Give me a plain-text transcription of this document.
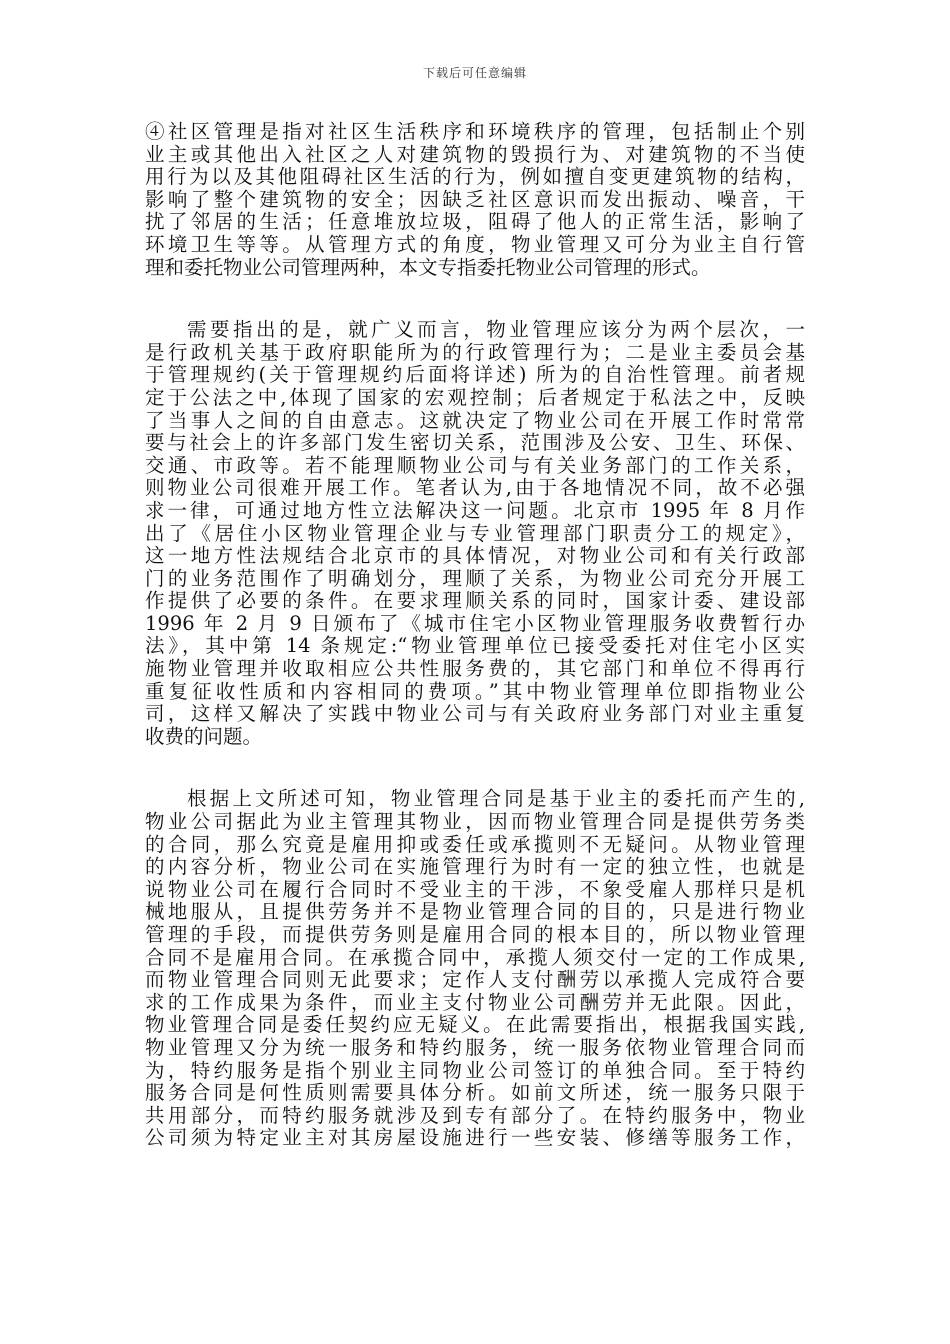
下载后可任意编辑
④社区管理是指对社区生活秩序和环境秩序的管理，包括制止个别
业主或其他出入社区之人对建筑物的毁损行为、对建筑物的不当使
用行为以及其他阻碍社区生活的行为，例如擅自变更建筑物的结构，
影响了整个建筑物的安全；因缺乏社区意识而发出振动、噪音，干
扰了邻居的生活；任意堆放垃圾，阻碍了他人的正常生活，影响了
环境卫生等等。从管理方式的角度，物业管理又可分为业主自行管
理和委托物业公司管理两种，本文专指委托物业公司管理的形式。
需要指出的是，就广义而言，物业管理应该分为两个层次，一
是行政机关基于政府职能所为的行政管理行为；二是业主委员会基
于管理规约(关于管理规约后面将详述) 所为的自治性管理。前者规
定于公法之中,体现了国家的宏观控制；后者规定于私法之中，反映
了当事人之间的自由意志。这就决定了物业公司在开展工作时常常
要与社会上的许多部门发生密切关系，范围涉及公安、卫生、环保、
交通、市政等。若不能理顺物业公司与有关业务部门的工作关系，
则物业公司很难开展工作。笔者认为,由于各地情况不同，故不必强
求一律，可通过地方性立法解决这一问题。北京市 1995 年 8 月作
出了《居住小区物业管理企业与专业管理部门职责分工的规定》，
这一地方性法规结合北京市的具体情况，对物业公司和有关行政部
门的业务范围作了明确划分，理顺了关系，为物业公司充分开展工
作提供了必要的条件。在要求理顺关系的同时，国家计委、建设部
1996 年 2 月 9 日颁布了《城市住宅小区物业管理服务收费暂行办
法》，其中第 14 条规定:“物业管理单位已接受委托对住宅小区实
施物业管理并收取相应公共性服务费的，其它部门和单位不得再行
重复征收性质和内容相同的费项。”其中物业管理单位即指物业公
司，这样又解决了实践中物业公司与有关政府业务部门对业主重复
收费的问题。
根据上文所述可知，物业管理合同是基于业主的委托而产生的,
物业公司据此为业主管理其物业，因而物业管理合同是提供劳务类
的合同，那么究竟是雇用抑或委任或承揽则不无疑问。从物业管理
的内容分析，物业公司在实施管理行为时有一定的独立性，也就是
说物业公司在履行合同时不受业主的干涉，不象受雇人那样只是机
械地服从，且提供劳务并不是物业管理合同的目的，只是进行物业
管理的手段，而提供劳务则是雇用合同的根本目的，所以物业管理
合同不是雇用合同。在承揽合同中，承揽人须交付一定的工作成果,
而物业管理合同则无此要求；定作人支付酬劳以承揽人完成符合要
求的工作成果为条件，而业主支付物业公司酬劳并无此限。因此，
物业管理合同是委任契约应无疑义。在此需要指出，根据我国实践,
物业管理又分为统一服务和特约服务，统一服务依物业管理合同而
为，特约服务是指个别业主同物业公司签订的单独合同。至于特约
服务合同是何性质则需要具体分析。如前文所述，统一服务只限于
共用部分，而特约服务就涉及到专有部分了。在特约服务中，物业
公司须为特定业主对其房屋设施进行一些安装、修缮等服务工作，
